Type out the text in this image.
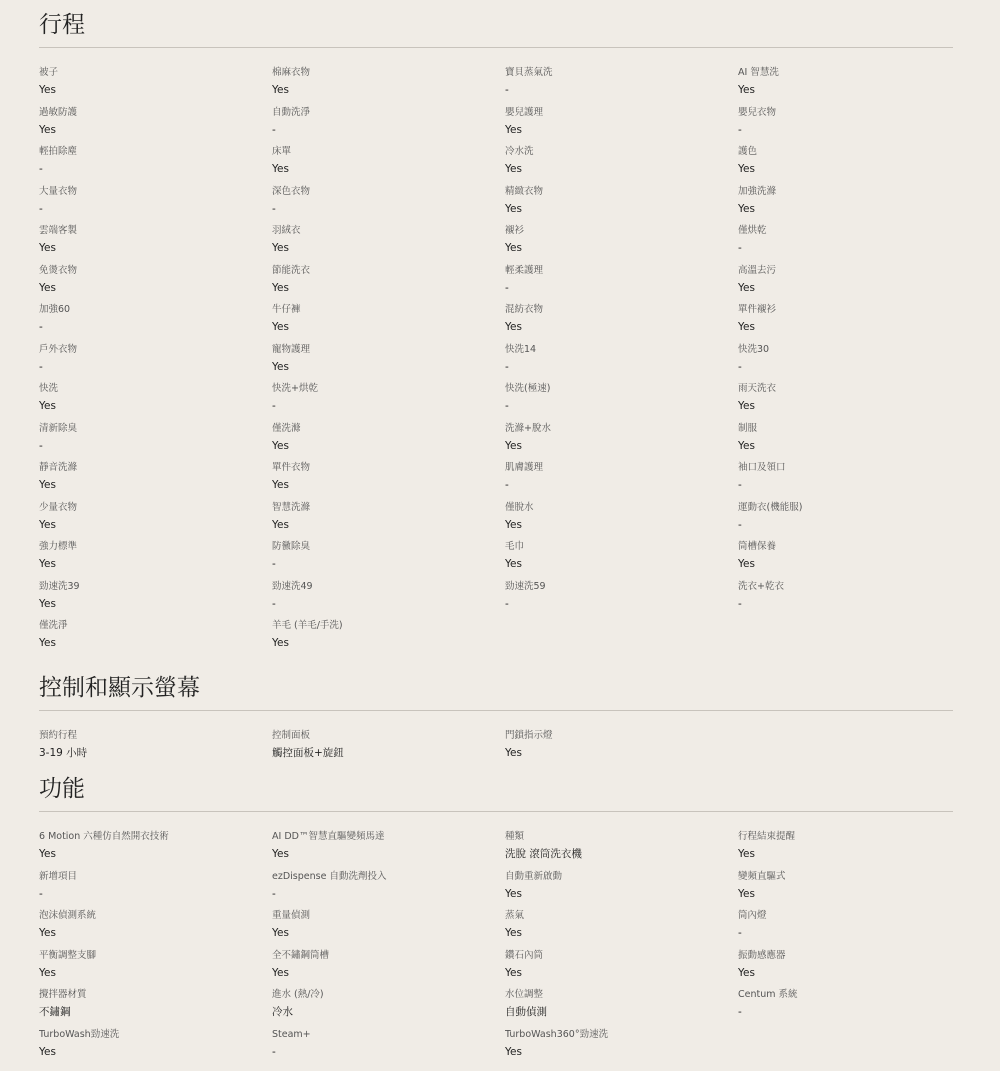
行程
被子
Yes
棉麻衣物
Yes
寶貝蒸氣洗
-
AI 智慧洗
Yes
過敏防護
Yes
自動洗淨
-
嬰兒護理
Yes
嬰兒衣物
-
輕拍除塵
-
床單
Yes
冷水洗
Yes
護色
Yes
大量衣物
-
深色衣物
-
精緻衣物
Yes
加強洗滌
Yes
雲端客製
Yes
羽絨衣
Yes
襯衫
Yes
僅烘乾
-
免燙衣物
Yes
節能洗衣
Yes
輕柔護理
-
高溫去污
Yes
加強60
-
牛仔褲
Yes
混紡衣物
Yes
單件襯衫
Yes
戶外衣物
-
寵物護理
Yes
快洗14
-
快洗30
-
快洗
Yes
快洗+烘乾
-
快洗(極速)
-
雨天洗衣
Yes
清新除臭
-
僅洗滌
Yes
洗滌+脫水
Yes
制服
Yes
靜音洗滌
Yes
單件衣物
Yes
肌膚護理
-
袖口及領口
-
少量衣物
Yes
智慧洗滌
Yes
僅脫水
Yes
運動衣(機能服)
-
強力標準
Yes
防黴除臭
-
毛巾
Yes
筒槽保養
Yes
勁速洗39
Yes
勁速洗49
-
勁速洗59
-
洗衣+乾衣
-
僅洗淨
Yes
羊毛 (羊毛/手洗)
Yes
控制和顯示螢幕
預約行程
3-19 小時
控制面板
觸控面板+旋鈕
門鎖指示燈
Yes
功能
6 Motion 六種仿自然開衣技術
Yes
AI DD™智慧直驅變頻馬達
Yes
種類
洗脫 滾筒洗衣機
行程結束提醒
Yes
新增項目
-
ezDispense 自動洗劑投入
-
自動重新啟動
Yes
變頻直驅式
Yes
泡沫偵測系統
Yes
重量偵測
Yes
蒸氣
Yes
筒內燈
-
平衡調整支腳
Yes
全不鏽鋼筒槽
Yes
鑽石內筒
Yes
振動感應器
Yes
攪拌器材質
不鏽鋼
進水 (熱/冷)
冷水
水位調整
自動偵測
Centum 系統
-
TurboWash勁速洗
Yes
Steam+
-
TurboWash360°勁速洗
Yes
